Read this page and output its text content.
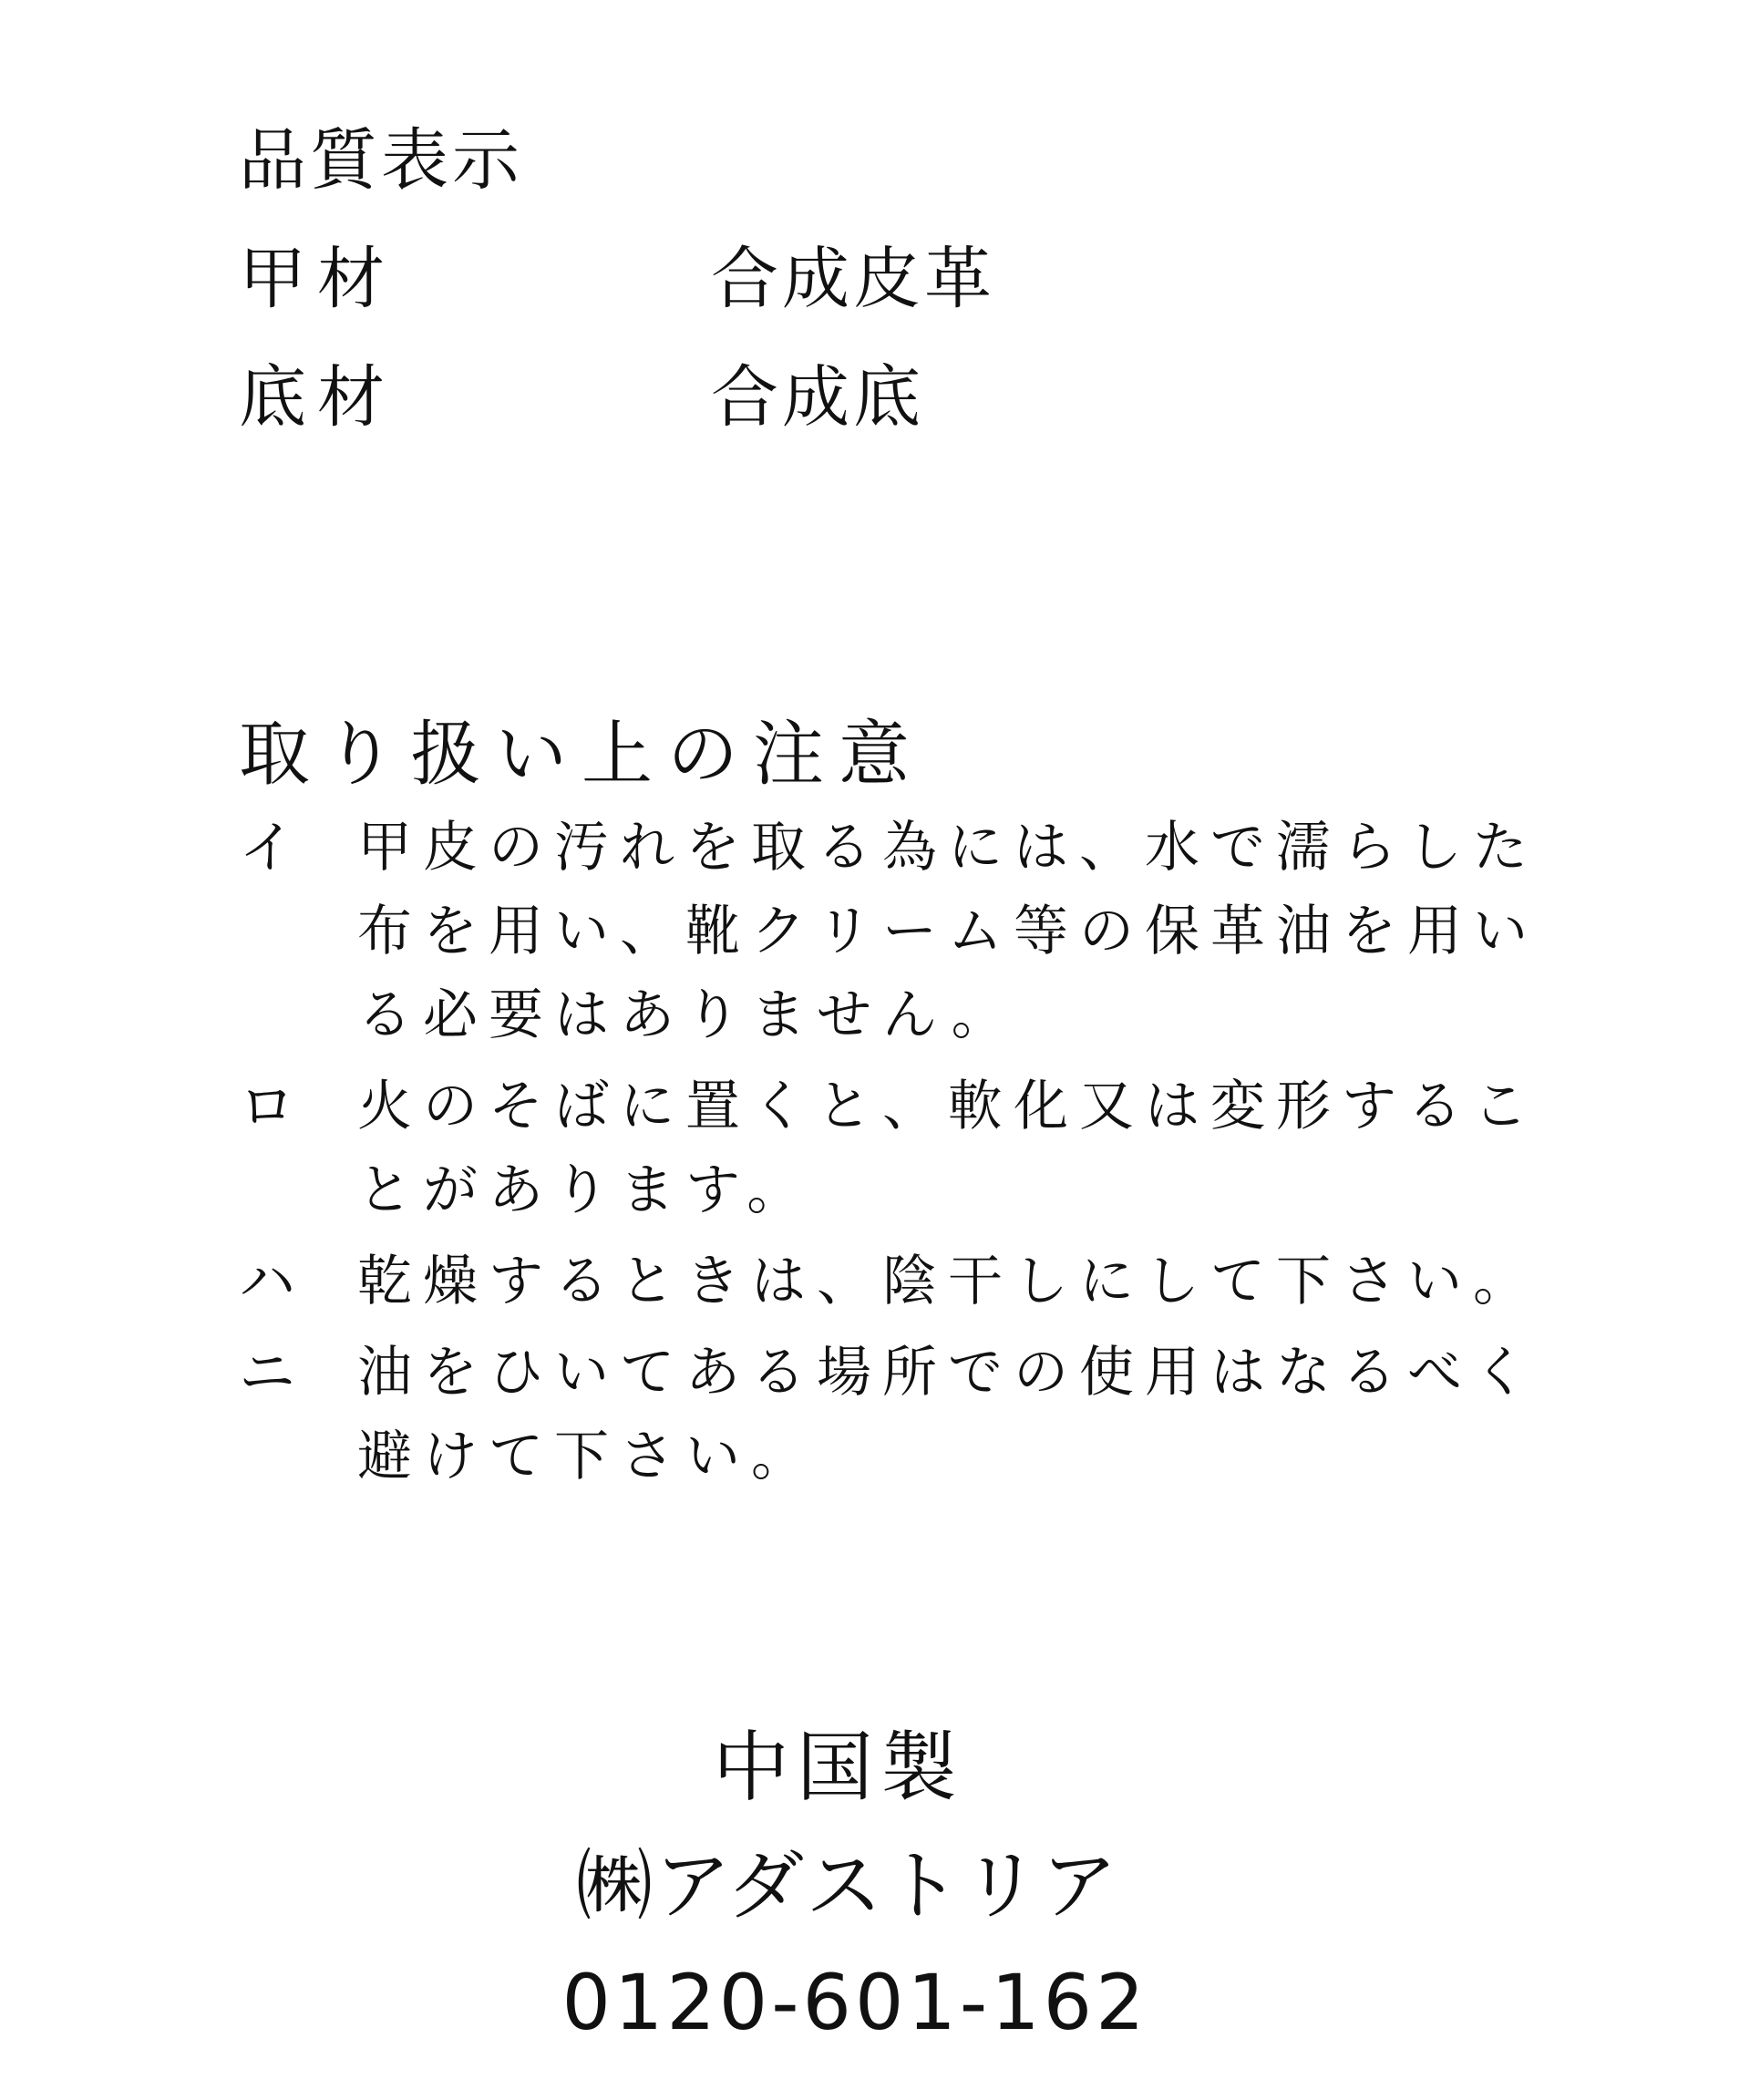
品質表示
甲材	合成皮革
底材	合成底
取り扱い上の注意
イ 甲皮の汚れを取る為には、水で濡らした
布を用い、靴クリーム等の保革油を用い
る必要はありません。
ロ 火のそばに置くと、軟化又は変形するこ
とがあります。
ハ 乾燥するときは、陰干しにして下さい。
ニ 油をひいてある場所での使用はなるべく
避けて下さい。
中国製
㈱アダストリア
0120-601-162
